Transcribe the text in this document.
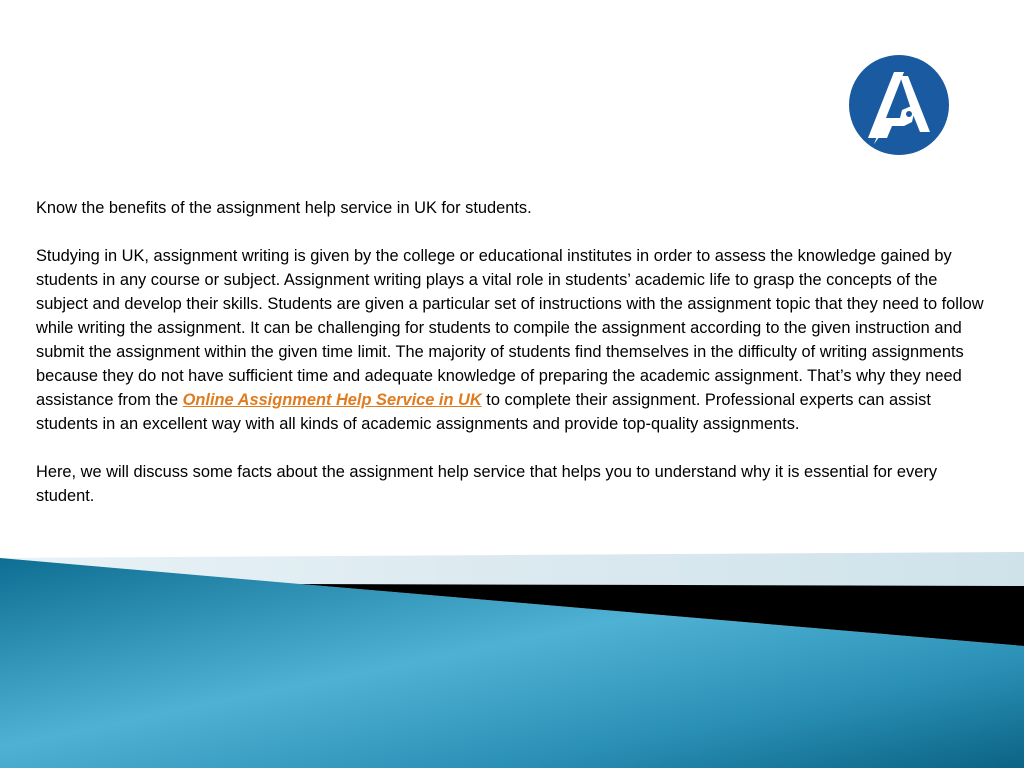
Know the benefits of the assignment help service in UK for students.

Studying in UK, assignment writing is given by the college or educational institutes in order to assess the knowledge gained by students in any course or subject. Assignment writing plays a vital role in students’ academic life to grasp the concepts of the subject and develop their skills. Students are given a particular set of instructions with the assignment topic that they need to follow while writing the assignment. It can be challenging for students to compile the assignment according to the given instruction and submit the assignment within the given time limit. The majority of students find themselves in the difficulty of writing assignments because they do not have sufficient time and adequate knowledge of preparing the academic assignment. That’s why they need assistance from the Online Assignment Help Service in UK to complete their assignment. Professional experts can assist students in an excellent way with all kinds of academic assignments and provide top-quality assignments.

Here, we will discuss some facts about the assignment help service that helps you to understand why it is essential for every student.
